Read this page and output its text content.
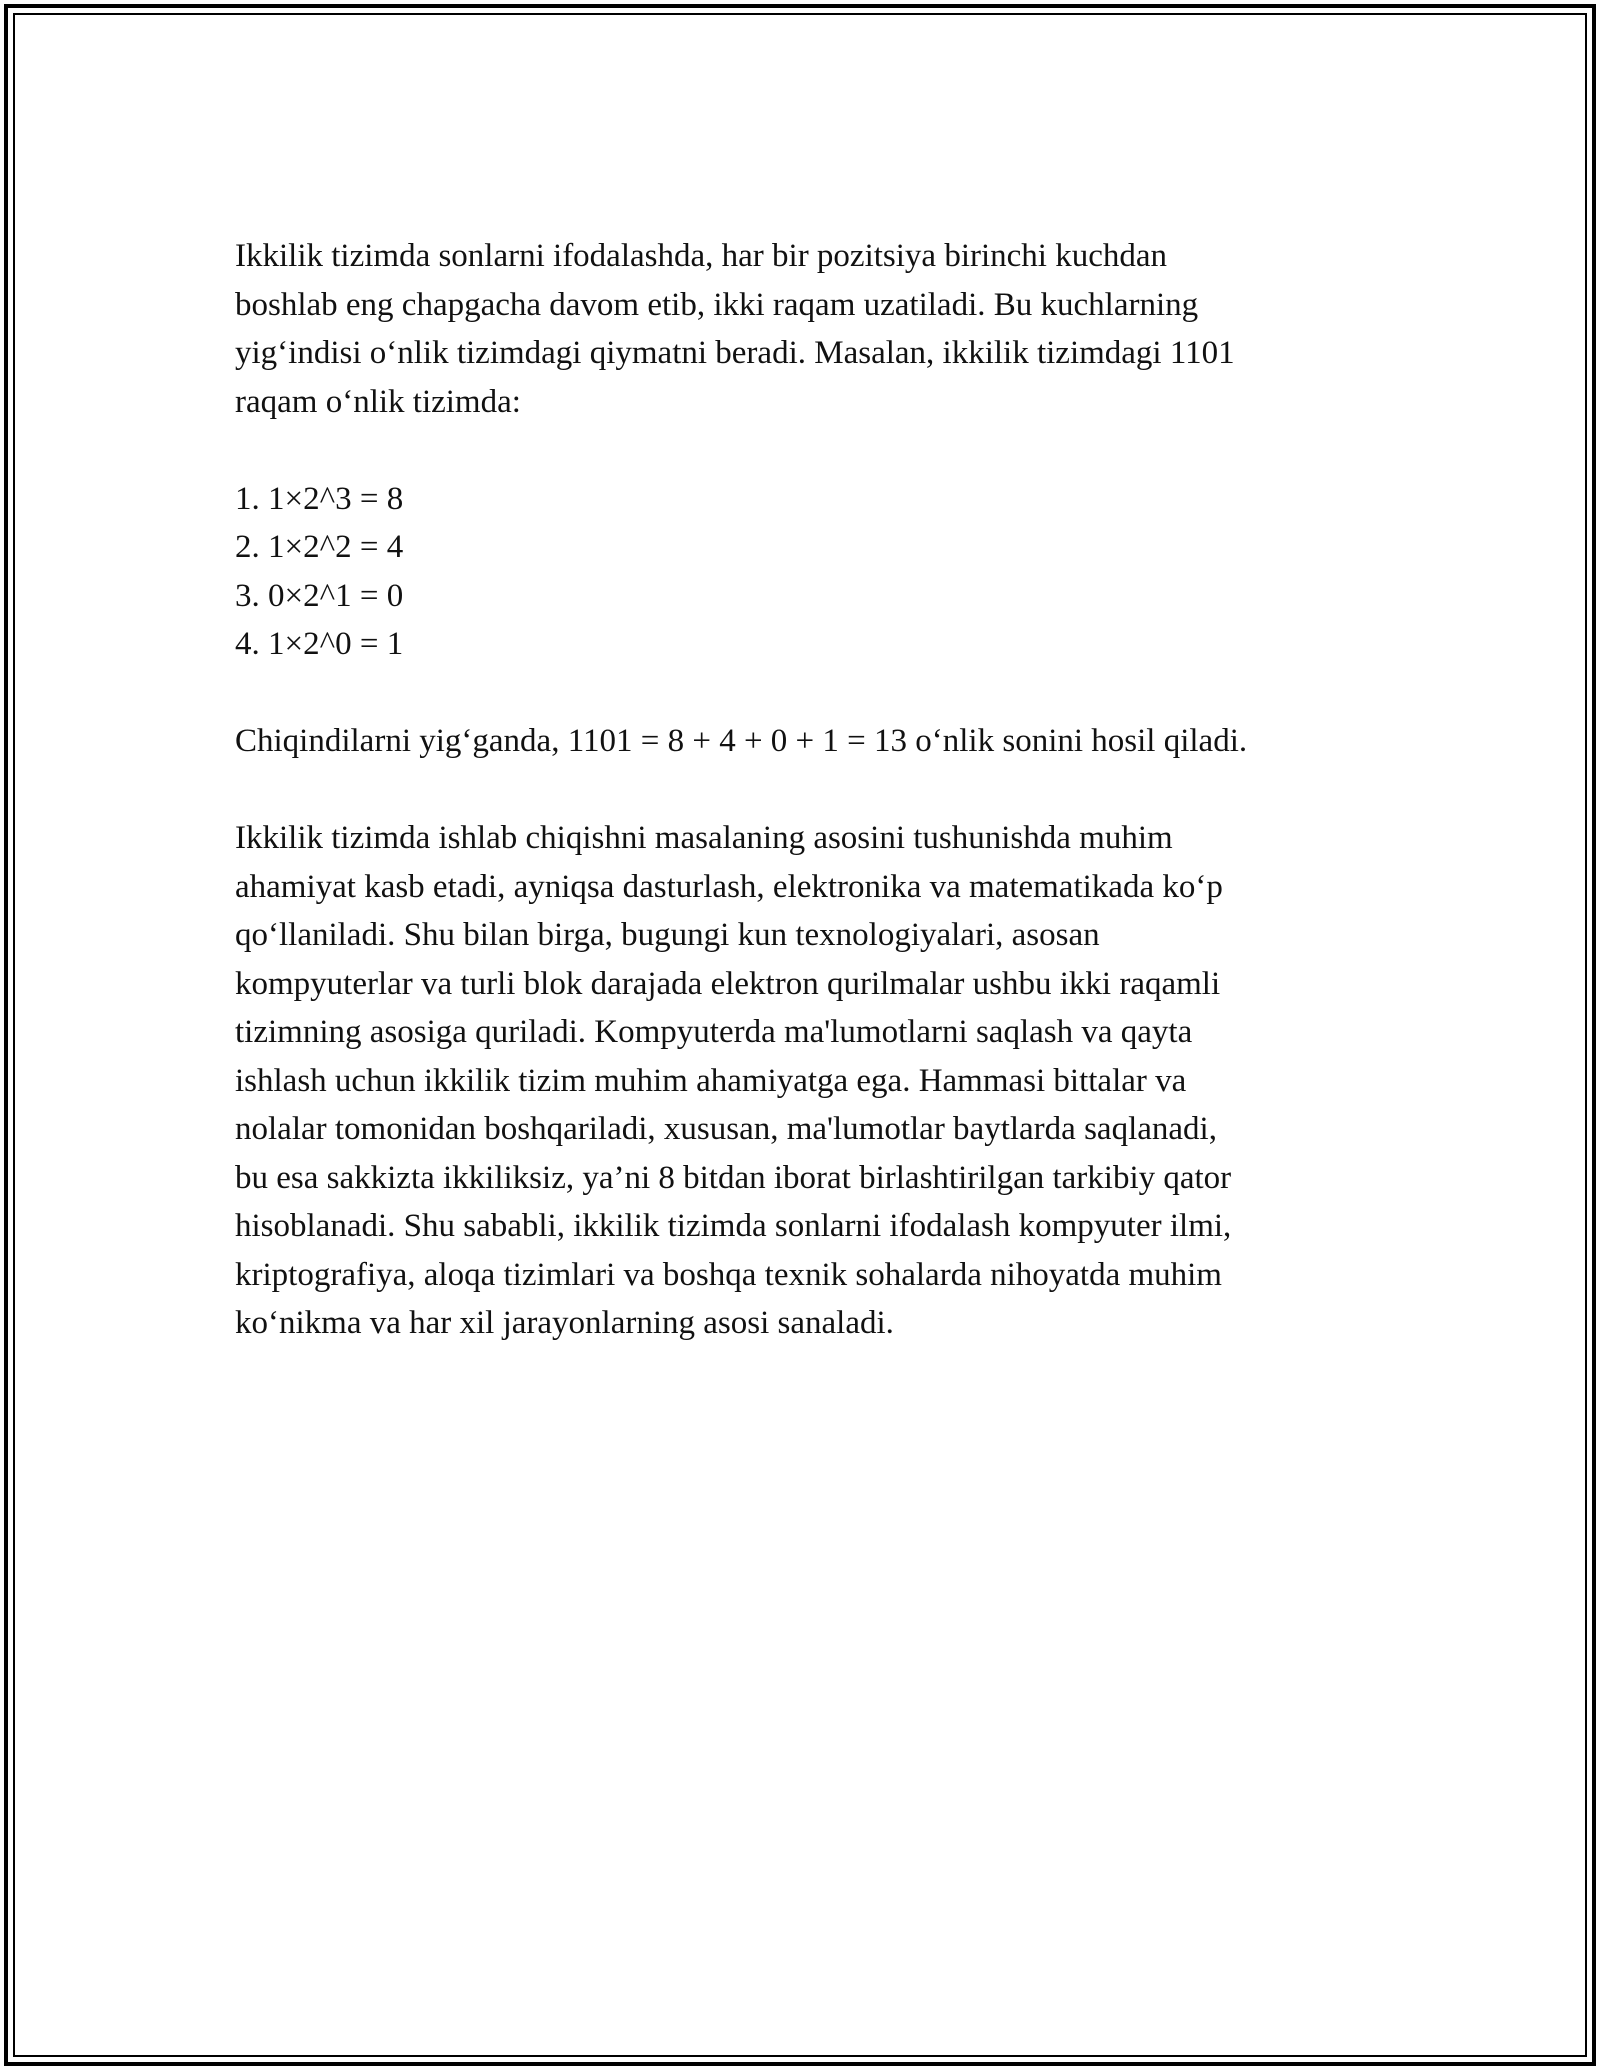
Ikkilik tizimda sonlarni ifodalashda, har bir pozitsiya birinchi kuchdan
boshlab eng chapgacha davom etib, ikki raqam uzatiladi. Bu kuchlarning
yig‘indisi o‘nlik tizimdagi qiymatni beradi. Masalan, ikkilik tizimdagi 1101
raqam o‘nlik tizimda:

1. 1×2^3 = 8
2. 1×2^2 = 4
3. 0×2^1 = 0
4. 1×2^0 = 1

Chiqindilarni yig‘ganda, 1101 = 8 + 4 + 0 + 1 = 13 o‘nlik sonini hosil qiladi.

Ikkilik tizimda ishlab chiqishni masalaning asosini tushunishda muhim
ahamiyat kasb etadi, ayniqsa dasturlash, elektronika va matematikada ko‘p
qo‘llaniladi. Shu bilan birga, bugungi kun texnologiyalari, asosan
kompyuterlar va turli blok darajada elektron qurilmalar ushbu ikki raqamli
tizimning asosiga quriladi. Kompyuterda ma'lumotlarni saqlash va qayta
ishlash uchun ikkilik tizim muhim ahamiyatga ega. Hammasi bittalar va
nolalar tomonidan boshqariladi, xususan, ma'lumotlar baytlarda saqlanadi,
bu esa sakkizta ikkiliksiz, ya’ni 8 bitdan iborat birlashtirilgan tarkibiy qator
hisoblanadi. Shu sababli, ikkilik tizimda sonlarni ifodalash kompyuter ilmi,
kriptografiya, aloqa tizimlari va boshqa texnik sohalarda nihoyatda muhim
ko‘nikma va har xil jarayonlarning asosi sanaladi.
